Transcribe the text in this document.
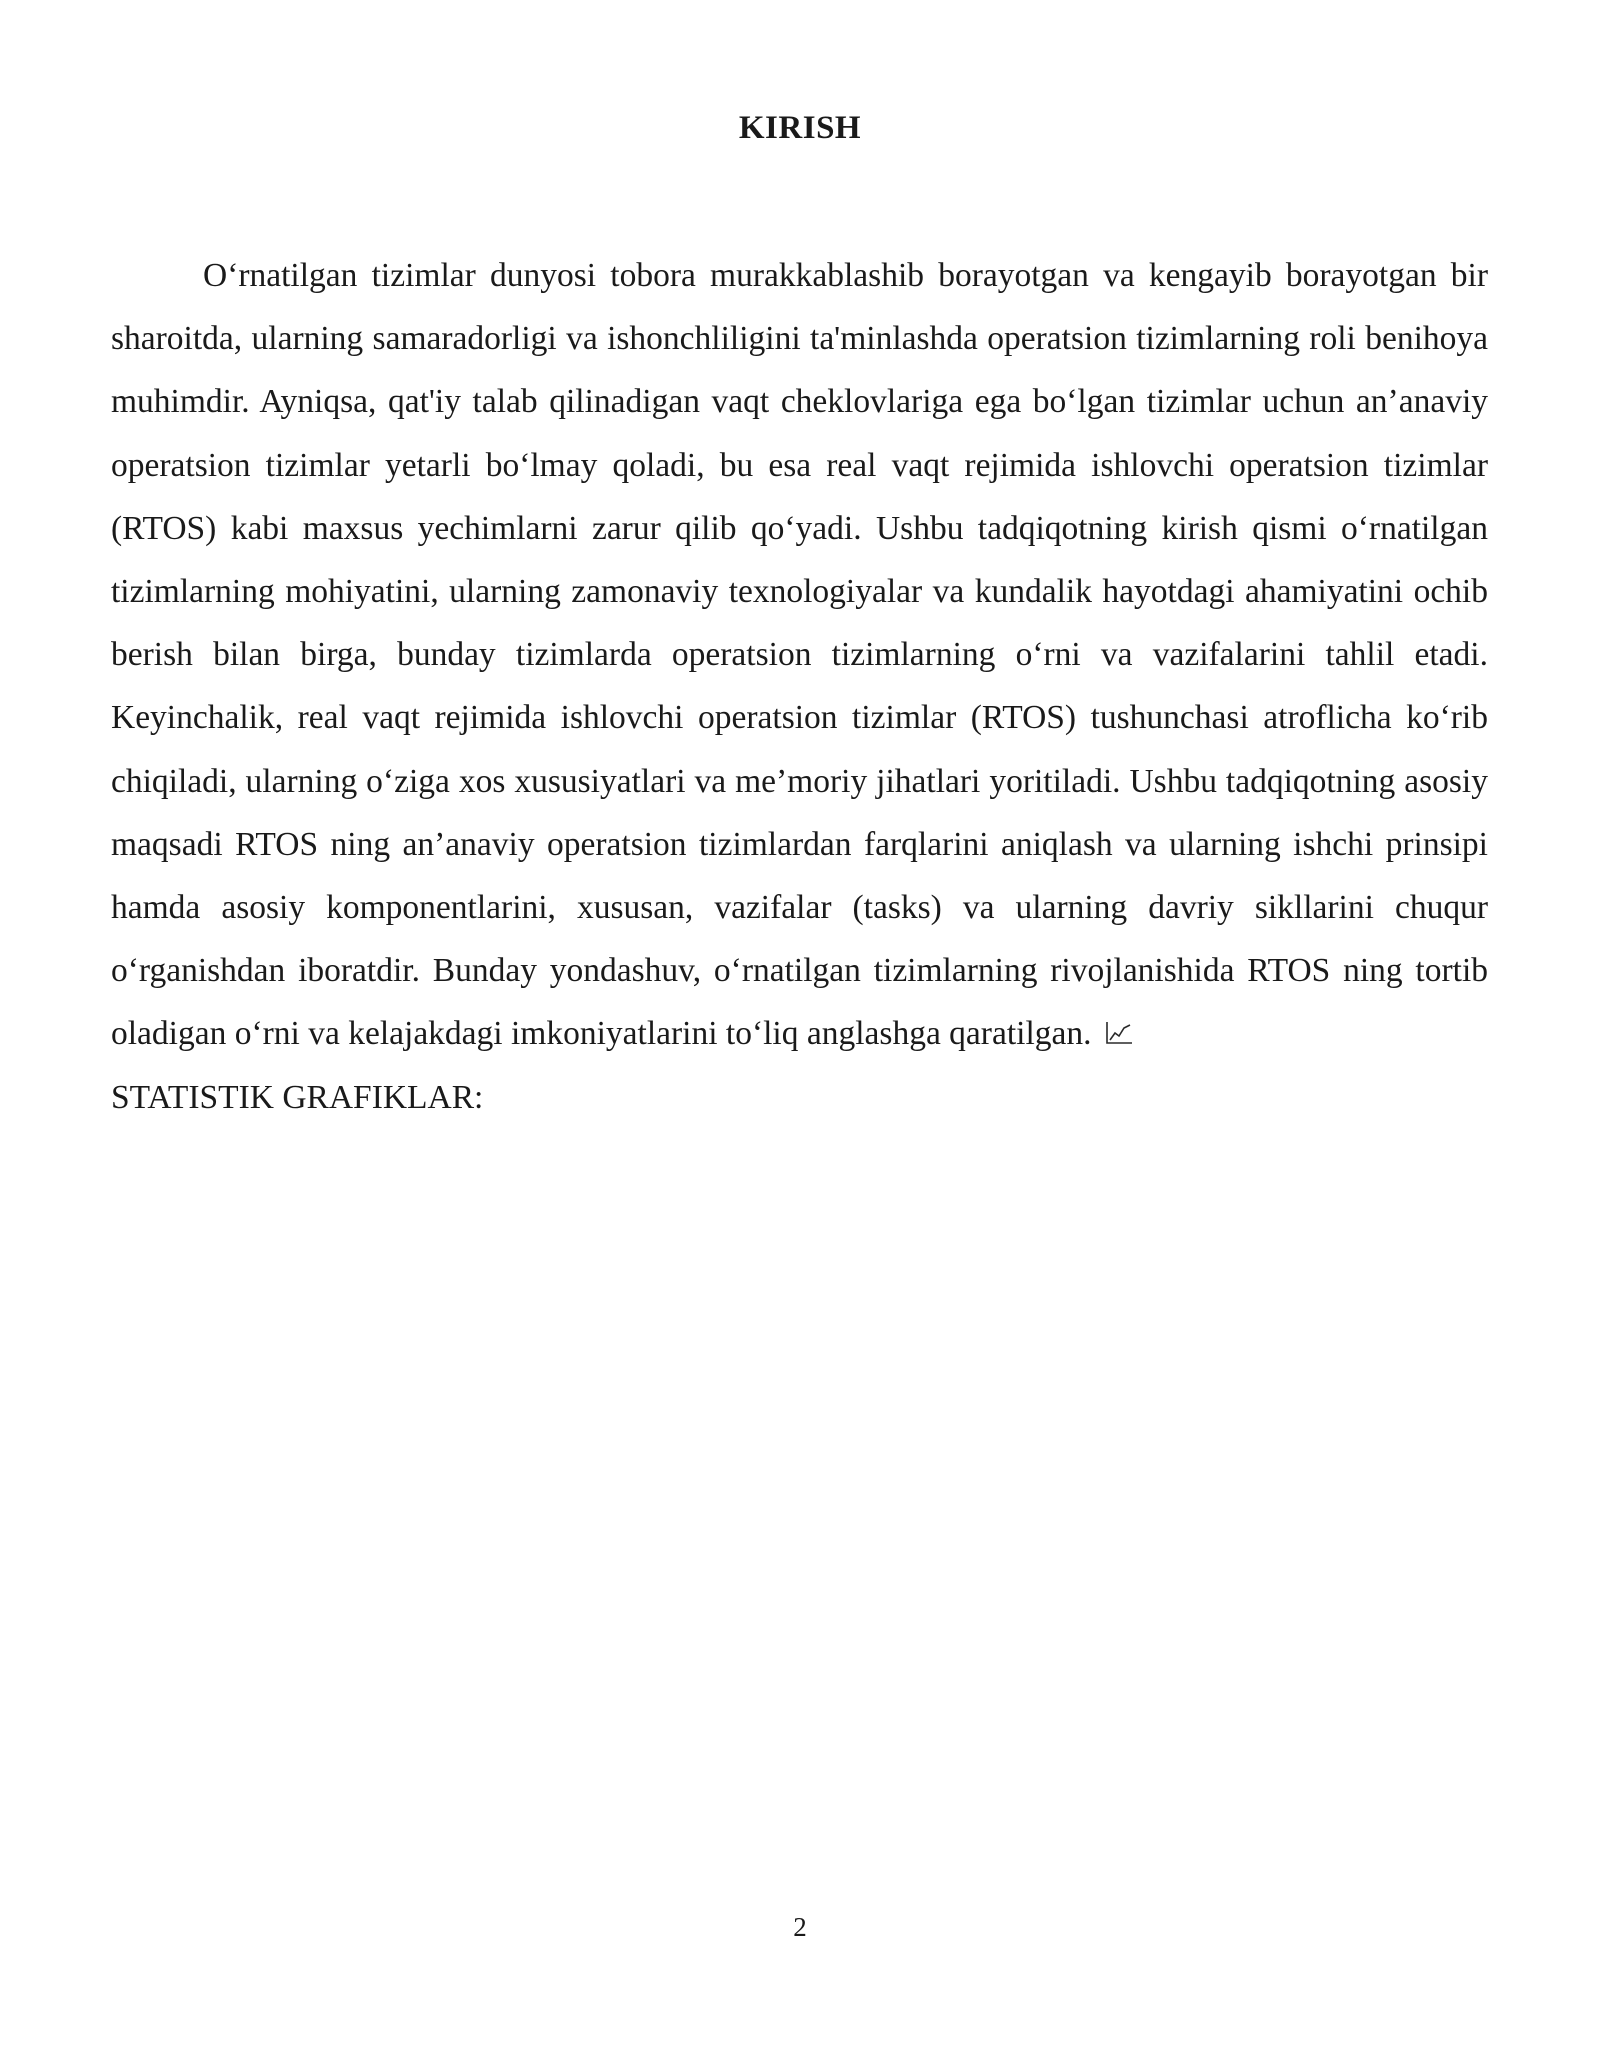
KIRISH

O‘rnatilgan tizimlar dunyosi tobora murakkablashib borayotgan va kengayib borayotgan bir sharoitda, ularning samaradorligi va ishonchliligini ta'minlashda operatsion tizimlarning roli benihoya muhimdir. Ayniqsa, qat'iy talab qilinadigan vaqt cheklovlariga ega bo‘lgan tizimlar uchun an’anaviy operatsion tizimlar yetarli bo‘lmay qoladi, bu esa real vaqt rejimida ishlovchi operatsion tizimlar (RTOS) kabi maxsus yechimlarni zarur qilib qo‘yadi. Ushbu tadqiqotning kirish qismi o‘rnatilgan tizimlarning mohiyatini, ularning zamonaviy texnologiyalar va kundalik hayotdagi ahamiyatini ochib berish bilan birga, bunday tizimlarda operatsion tizimlarning o‘rni va vazifalarini tahlil etadi. Keyinchalik, real vaqt rejimida ishlovchi operatsion tizimlar (RTOS) tushunchasi atroflicha ko‘rib chiqiladi, ularning o‘ziga xos xususiyatlari va me’moriy jihatlari yoritiladi. Ushbu tadqiqotning asosiy maqsadi RTOS ning an’anaviy operatsion tizimlardan farqlarini aniqlash va ularning ishchi prinsipi hamda asosiy komponentlarini, xususan, vazifalar (tasks) va ularning davriy sikllarini chuqur o‘rganishdan iboratdir. Bunday yondashuv, o‘rnatilgan tizimlarning rivojlanishida RTOS ning tortib oladigan o‘rni va kelajakdagi imkoniyatlarini to‘liq anglashga qaratilgan.
STATISTIK GRAFIKLAR:

2
